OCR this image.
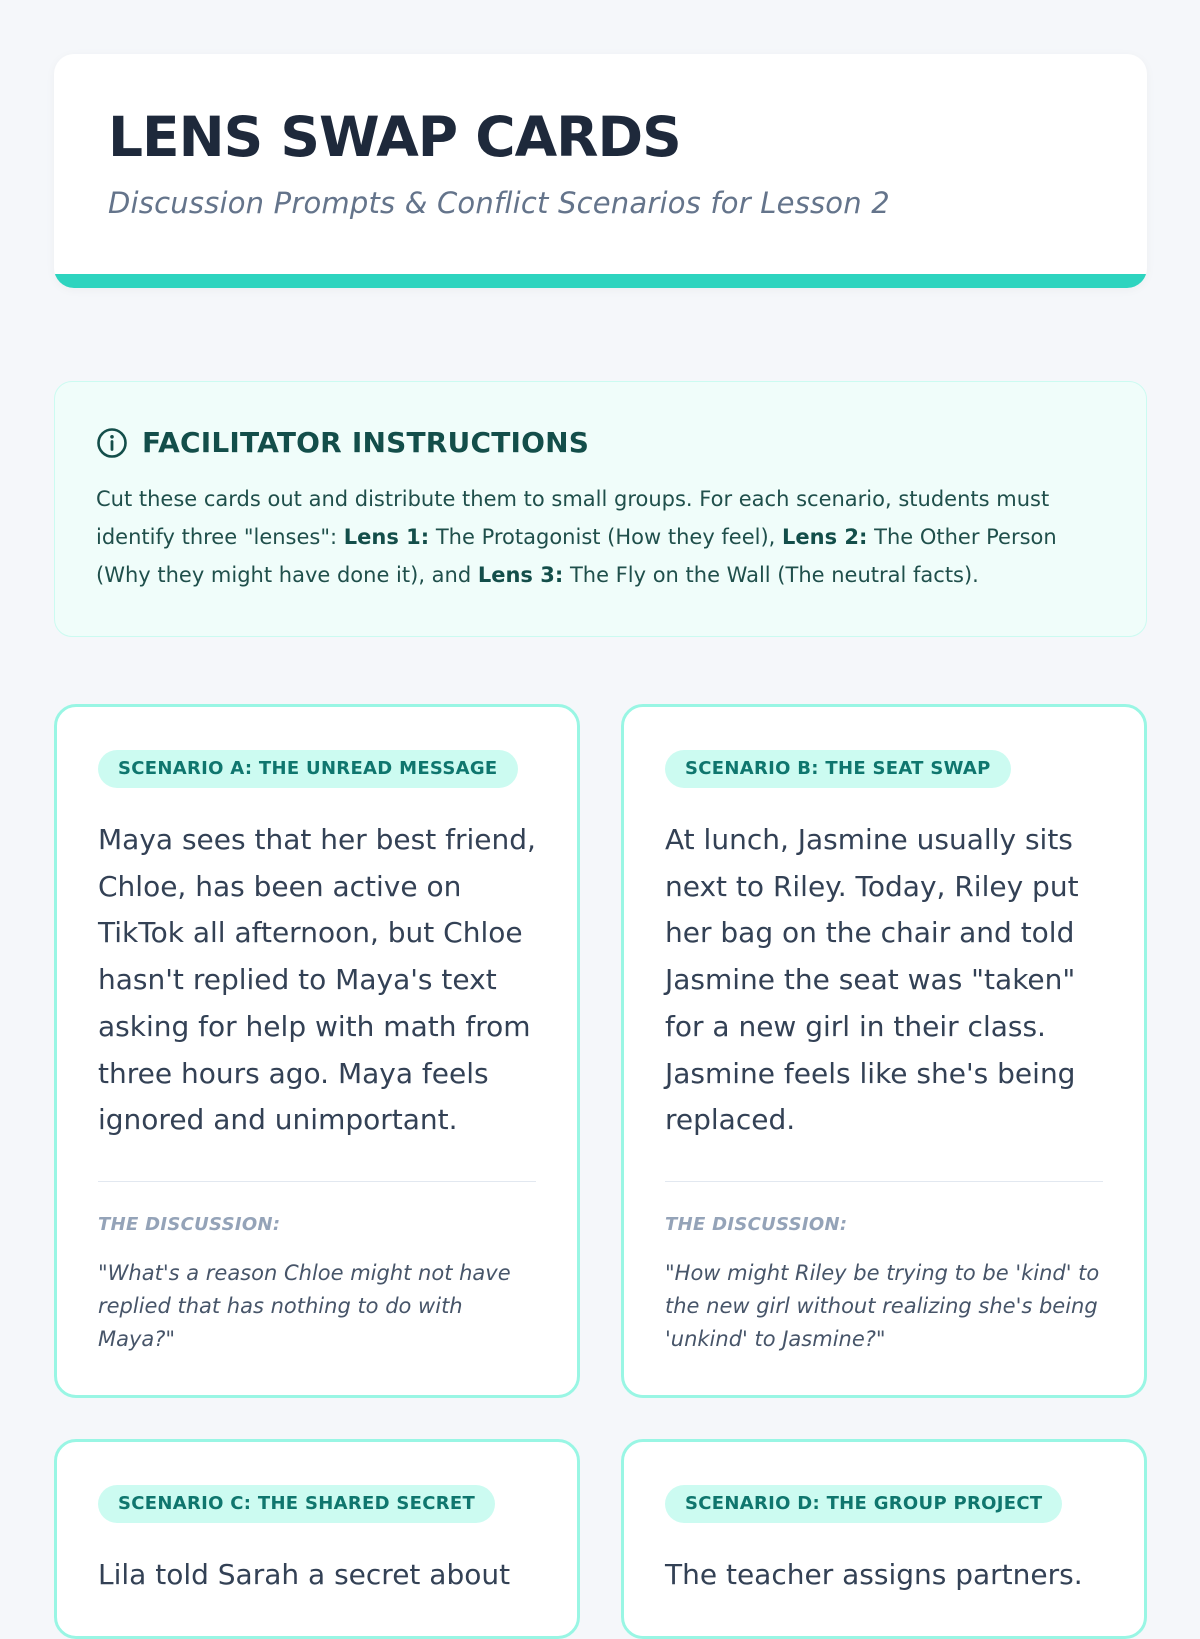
LENS SWAP CARDS

Discussion Prompts & Conflict Scenarios for Lesson 2

FACILITATOR INSTRUCTIONS

Cut these cards out and distribute them to small groups. For each scenario, students must identify three "lenses": Lens 1: The Protagonist (How they feel), Lens 2: The Other Person (Why they might have done it), and Lens 3: The Fly on the Wall (The neutral facts).

SCENARIO A: THE UNREAD MESSAGE

Maya sees that her best friend, Chloe, has been active on TikTok all afternoon, but Chloe hasn't replied to Maya's text asking for help with math from three hours ago. Maya feels ignored and unimportant.

THE DISCUSSION:

"What's a reason Chloe might not have replied that has nothing to do with Maya?"

SCENARIO B: THE SEAT SWAP

At lunch, Jasmine usually sits next to Riley. Today, Riley put her bag on the chair and told Jasmine the seat was "taken" for a new girl in their class. Jasmine feels like she's being replaced.

THE DISCUSSION:

"How might Riley be trying to be 'kind' to the new girl without realizing she's being 'unkind' to Jasmine?"

SCENARIO C: THE SHARED SECRET

Lila told Sarah a secret about

SCENARIO D: THE GROUP PROJECT

The teacher assigns partners.
